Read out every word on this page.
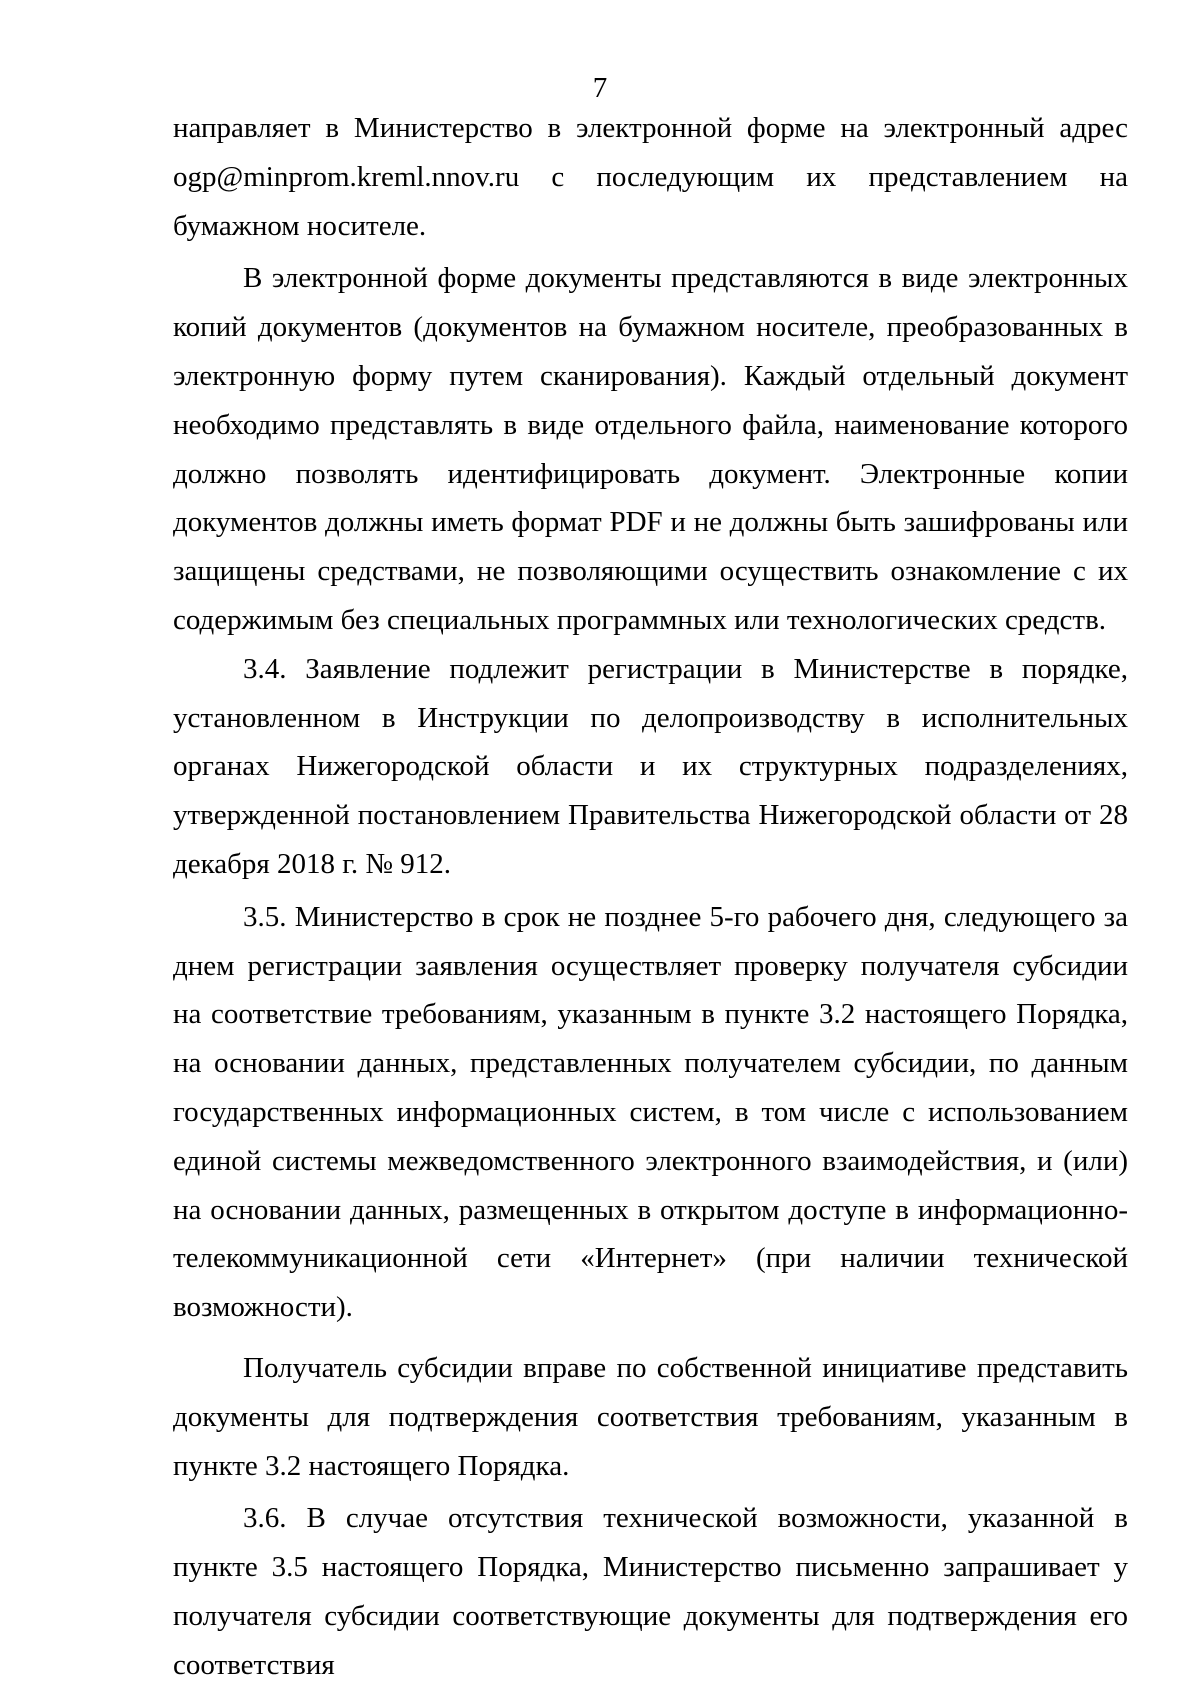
7

направляет в Министерство в электронной форме на электронный адрес ogp@minprom.kreml.nnov.ru с последующим их представлением на бумажном носителе.

В электронной форме документы представляются в виде электронных копий документов (документов на бумажном носителе, преобразованных в электронную форму путем сканирования). Каждый отдельный документ необходимо представлять в виде отдельного файла, наименование которого должно позволять идентифицировать документ. Электронные копии документов должны иметь формат PDF и не должны быть зашифрованы или защищены средствами, не позволяющими осуществить ознакомление с их содержимым без специальных программных или технологических средств.

3.4. Заявление подлежит регистрации в Министерстве в порядке, установленном в Инструкции по делопроизводству в исполнительных органах Нижегородской области и их структурных подразделениях, утвержденной постановлением Правительства Нижегородской области от 28 декабря 2018 г. № 912.

3.5. Министерство в срок не позднее 5-го рабочего дня, следующего за днем регистрации заявления осуществляет проверку получателя субсидии на соответствие требованиям, указанным в пункте 3.2 настоящего Порядка, на основании данных, представленных получателем субсидии, по данным государственных информационных систем, в том числе с использованием единой системы межведомственного электронного взаимодействия, и (или) на основании данных, размещенных в открытом доступе в информационно-телекоммуникационной сети «Интернет» (при наличии технической возможности).

Получатель субсидии вправе по собственной инициативе представить документы для подтверждения соответствия требованиям, указанным в пункте 3.2 настоящего Порядка.

3.6. В случае отсутствия технической возможности, указанной в пункте 3.5 настоящего Порядка, Министерство письменно запрашивает у получателя субсидии соответствующие документы для подтверждения его соответствия
